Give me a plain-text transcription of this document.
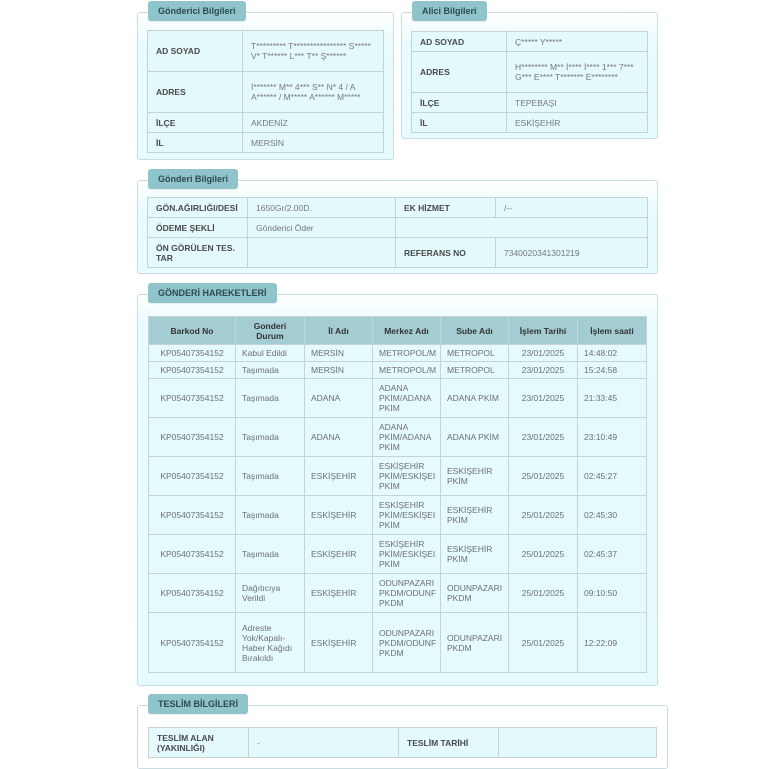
Gönderici Bilgileri
AD SOYAD	T********* T**************** S***** V* T****** L*** T** Ş******
ADRES	İ******* M** 4*** S** N* 4 / A A****** / M***** A****** M*****
İLÇE	AKDENİZ
İL	MERSİN
Alici Bilgileri
AD SOYAD	Ç***** Y*****
ADRES	H******** M** İ**** İ**** 1*** 7*** G*** E**** T******* E********
İLÇE	TEPEBAŞI
İL	ESKİŞEHİR
Gönderi Bilgileri
GÖN.AĞIRLIĞI/DESİ	1650Gr/2.00D.	EK HİZMET	/--
ÖDEME ŞEKLİ	Gönderici Öder		
ÖN GÖRÜLEN TES. TAR		REFERANS NO	7340020341301219
GÖNDERİ HAREKETLERİ
Barkod No	Gonderi Durum	İl Adı	Merkez Adı	Sube Adı	İşlem Tarihi	İşlem saati
KP05407354152	Kabul Edildi	MERSİN	METROPOL/M	METROPOL	23/01/2025	14:48:02
KP05407354152	Taşımada	MERSİN	METROPOL/M	METROPOL	23/01/2025	15:24:58
KP05407354152	Taşımada	ADANA	ADANA PKİM/ADANA PKİM	ADANA PKİM	23/01/2025	21:33:45
KP05407354152	Taşımada	ADANA	ADANA PKİM/ADANA PKİM	ADANA PKİM	23/01/2025	23:10:49
KP05407354152	Taşımada	ESKİŞEHİR	ESKİŞEHİR PKİM/ESKİŞEI PKİM	ESKİŞEHİR PKİM	25/01/2025	02:45:27
KP05407354152	Taşımada	ESKİŞEHİR	ESKİŞEHİR PKİM/ESKİŞEI PKİM	ESKİŞEHİR PKİM	25/01/2025	02:45:30
KP05407354152	Taşımada	ESKİŞEHİR	ESKİŞEHİR PKİM/ESKİŞEI PKİM	ESKİŞEHİR PKİM	25/01/2025	02:45:37
KP05407354152	Dağıtıcıya Verildi	ESKİŞEHİR	ODUNPAZARI PKDM/ODUNF PKDM	ODUNPAZARI PKDM	25/01/2025	09:10:50
KP05407354152	Adreste Yok/Kapalı-Haber Kağıdı Bırakıldı	ESKİŞEHİR	ODUNPAZARI PKDM/ODUNF PKDM	ODUNPAZARI PKDM	25/01/2025	12:22:09
TESLİM BİLGİLERİ
TESLİM ALAN (YAKINLIĞI)	-	TESLİM TARİHİ	
